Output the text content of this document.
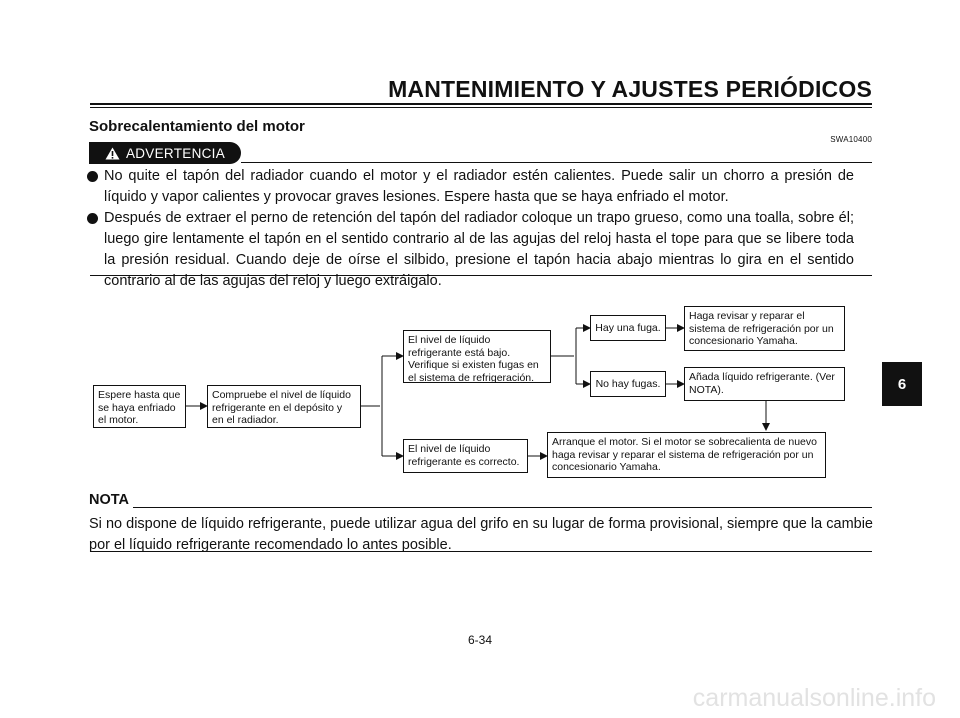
MANTENIMIENTO Y AJUSTES PERIÓDICOS
Sobrecalentamiento del motor
SWA10400
ADVERTENCIA
No quite el tapón del radiador cuando el motor y el radiador estén calientes. Puede salir un chorro a presión de líquido y vapor calientes y provocar graves lesiones. Espere hasta que se haya enfriado el motor.
Después de extraer el perno de retención del tapón del radiador coloque un trapo grueso, como una toalla, sobre él; luego gire lentamente el tapón en el sentido contrario al de las agujas del reloj hasta el tope para que se libere toda la presión residual. Cuando deje de oírse el silbido, presione el tapón hacia abajo mientras lo gira en el sentido contrario al de las agujas del reloj y luego extráigalo.
Espere hasta que se haya enfriado el motor.
Compruebe el nivel de líquido refrigerante en el depósito y en el radiador.
El nivel de líquido refrigerante está bajo. Verifique si existen fugas en el sistema de refrigeración.
El nivel de líquido refrigerante es correcto.
Hay una fuga.
No hay fugas.
Haga revisar y reparar el sistema de refrigeración por un concesionario Yamaha.
Añada líquido refrigerante. (Ver NOTA).
Arranque el motor. Si el motor se sobrecalienta de nuevo haga revisar y reparar el sistema de refrigeración por un concesionario Yamaha.
NOTA
Si no dispone de líquido refrigerante, puede utilizar agua del grifo en su lugar de forma provisional, siempre que la cambie por el líquido refrigerante recomendado lo antes posible.
6-34
6
carmanualsonline.info
